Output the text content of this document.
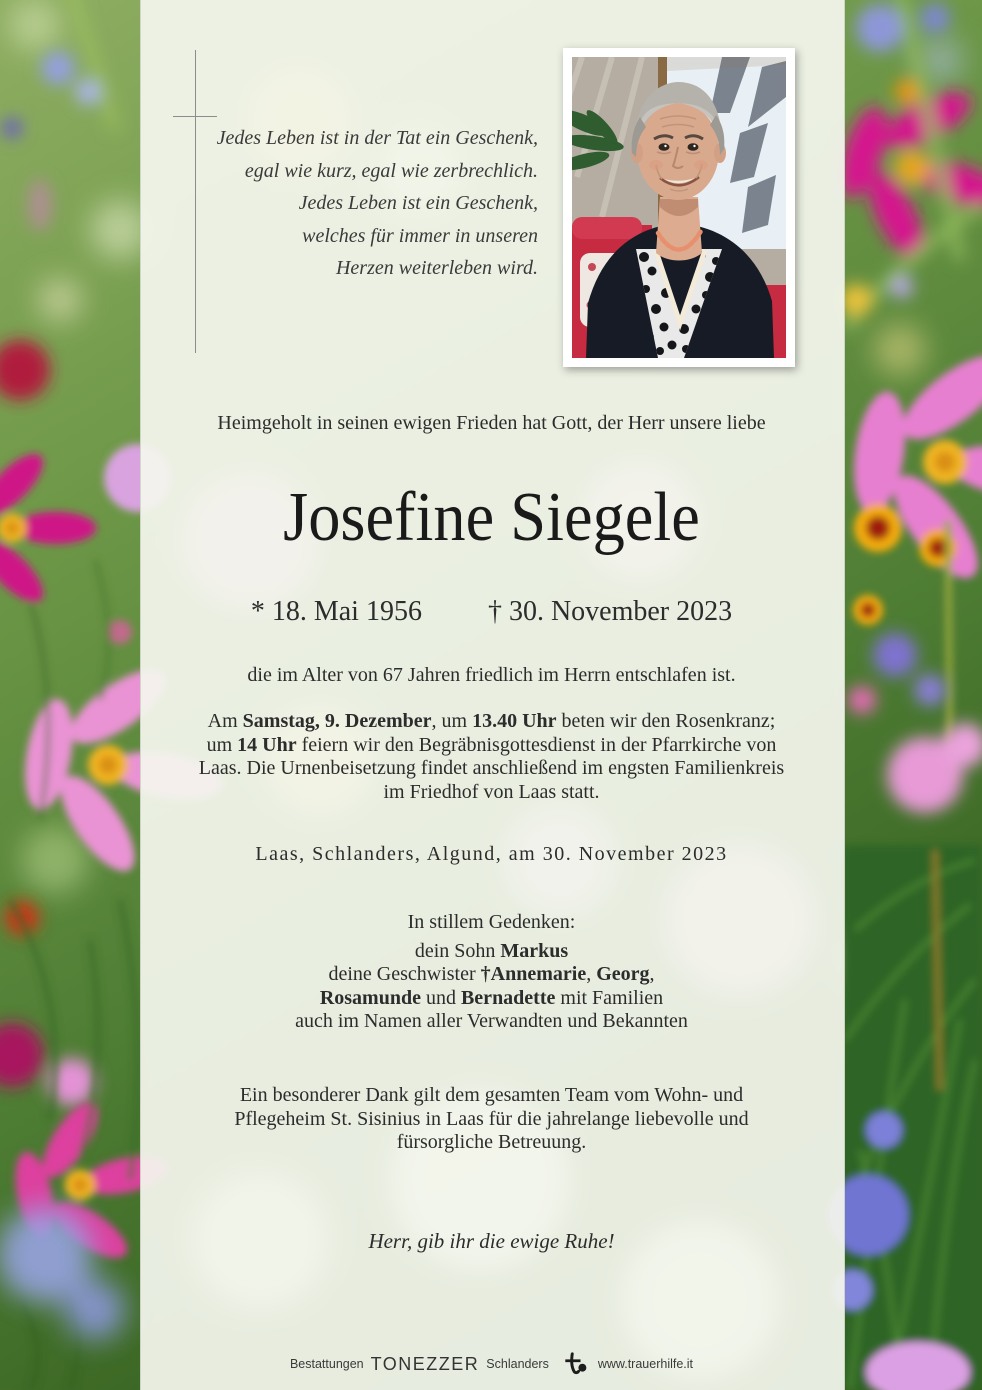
Jedes Leben ist in der Tat ein Geschenk,
egal wie kurz, egal wie zerbrechlich.
Jedes Leben ist ein Geschenk,
welches für immer in unseren
Herzen weiterleben wird.
Heimgeholt in seinen ewigen Frieden hat Gott, der Herr unsere liebe
Josefine Siegele
* 18. Mai 1956 † 30. November 2023
die im Alter von 67 Jahren friedlich im Herrn entschlafen ist.
Am Samstag, 9. Dezember, um 13.40 Uhr beten wir den Rosenkranz;
um 14 Uhr feiern wir den Begräbnisgottesdienst in der Pfarrkirche von
Laas. Die Urnenbeisetzung findet anschließend im engsten Familienkreis
im Friedhof von Laas statt.
Laas, Schlanders, Algund, am 30. November 2023
In stillem Gedenken:
dein Sohn Markus
deine Geschwister †Annemarie, Georg,
Rosamunde und Bernadette mit Familien
auch im Namen aller Verwandten und Bekannten
Ein besonderer Dank gilt dem gesamten Team vom Wohn- und
Pflegeheim St. Sisinius in Laas für die jahrelange liebevolle und
fürsorgliche Betreuung.
Herr, gib ihr die ewige Ruhe!
Bestattungen TONEZZER Schlanders	www.trauerhilfe.it
